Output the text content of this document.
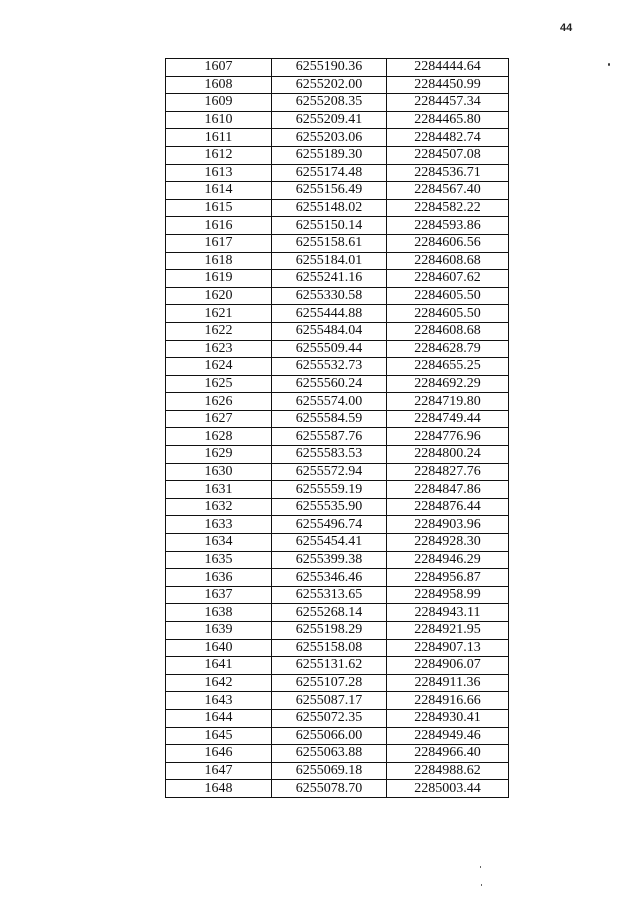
44
1607	6255190.36	2284444.64
1608	6255202.00	2284450.99
1609	6255208.35	2284457.34
1610	6255209.41	2284465.80
1611	6255203.06	2284482.74
1612	6255189.30	2284507.08
1613	6255174.48	2284536.71
1614	6255156.49	2284567.40
1615	6255148.02	2284582.22
1616	6255150.14	2284593.86
1617	6255158.61	2284606.56
1618	6255184.01	2284608.68
1619	6255241.16	2284607.62
1620	6255330.58	2284605.50
1621	6255444.88	2284605.50
1622	6255484.04	2284608.68
1623	6255509.44	2284628.79
1624	6255532.73	2284655.25
1625	6255560.24	2284692.29
1626	6255574.00	2284719.80
1627	6255584.59	2284749.44
1628	6255587.76	2284776.96
1629	6255583.53	2284800.24
1630	6255572.94	2284827.76
1631	6255559.19	2284847.86
1632	6255535.90	2284876.44
1633	6255496.74	2284903.96
1634	6255454.41	2284928.30
1635	6255399.38	2284946.29
1636	6255346.46	2284956.87
1637	6255313.65	2284958.99
1638	6255268.14	2284943.11
1639	6255198.29	2284921.95
1640	6255158.08	2284907.13
1641	6255131.62	2284906.07
1642	6255107.28	2284911.36
1643	6255087.17	2284916.66
1644	6255072.35	2284930.41
1645	6255066.00	2284949.46
1646	6255063.88	2284966.40
1647	6255069.18	2284988.62
1648	6255078.70	2285003.44
